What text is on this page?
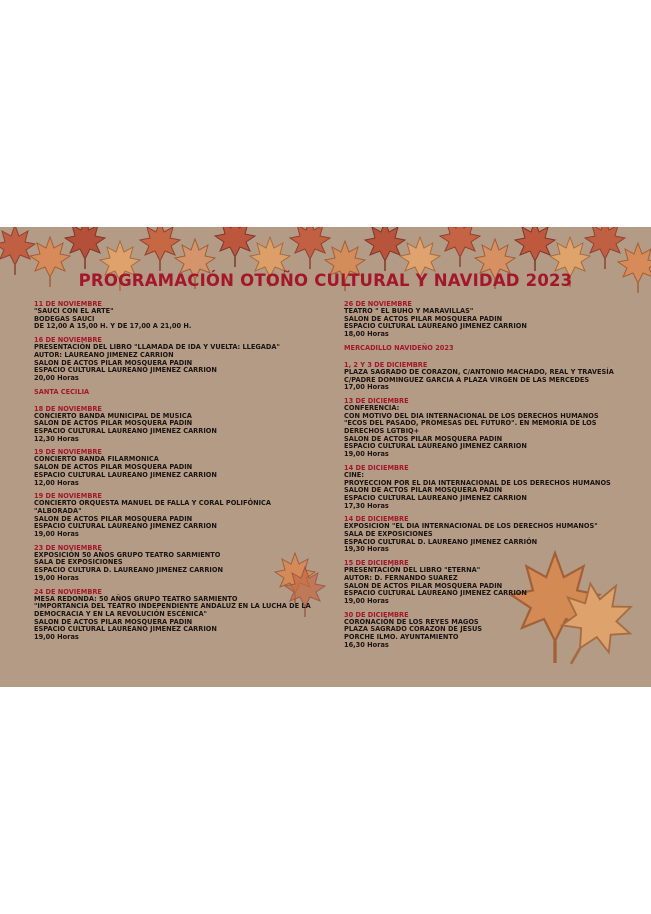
PROGRAMACIÓN OTOÑO CULTURAL Y NAVIDAD 2023
11 DE NOVIEMBRE
"SAUCI CON EL ARTE"
BODEGAS SAUCI
DE 12,00 A 15,00 H. Y DE 17,00 A 21,00 H.
16 DE NOVIEMBRE
PRESENTACIÓN DEL LIBRO "LLAMADA DE IDA Y VUELTA: LLEGADA"
AUTOR: LAUREANO JIMENEZ CARRION
SALON DE ACTOS PILAR MOSQUERA PADIN
ESPACIO CULTURAL LAUREANO JIMENEZ CARRION
20,00 Horas
SANTA CECILIA
18 DE NOVIEMBRE
CONCIERTO BANDA MUNICIPAL DE MUSICA
SALON DE ACTOS PILAR MOSQUERA PADIN
ESPACIO CULTURAL LAUREANO JIMENEZ CARRION
12,30 Horas
19 DE NOVIEMBRE
CONCIERTO BANDA FILARMONICA
SALON DE ACTOS PILAR MOSQUERA PADIN
ESPACIO CULTURAL LAUREANO JIMENEZ CARRION
12,00 Horas
19 DE NOVIEMBRE
CONCIERTO ORQUESTA MANUEL DE FALLA Y CORAL POLIFÓNICA
"ALBORADA"
SALON DE ACTOS PILAR MOSQUERA PADIN
ESPACIO CULTURAL LAUREANO JIMENEZ CARRION
19,00 Horas
23 DE NOVIEMBRE
EXPOSICIÓN 50 AÑOS GRUPO TEATRO SARMIENTO
SALA DE EXPOSICIONES
ESPACIO CULTURA D. LAUREANO JIMENEZ CARRION
19,00 Horas
24 DE NOVIEMBRE
MESA REDONDA: 50 AÑOS GRUPO TEATRO SARMIENTO
"IMPORTANCIA DEL TEATRO INDEPENDIENTE ANDALUZ EN LA LUCHA DE LA
DEMOCRACIA Y EN LA REVOLUCIÓN ESCÉNICA"
SALON DE ACTOS PILAR MOSQUERA PADIN
ESPACIO CULTURAL LAUREANO JIMENEZ CARRION
19,00 Horas
26 DE NOVIEMBRE
TEATRO " EL BUHO Y MARAVILLAS"
SALON DE ACTOS PILAR MOSQUERA PADIN
ESPACIO CULTURAL LAUREANO JIMENEZ CARRION
18,00 Horas
MERCADILLO NAVIDEÑO 2023
1, 2 Y 3 DE DICIEMBRE
PLAZA SAGRADO DE CORAZON, C/ANTONIO MACHADO, REAL Y TRAVESÍA
C/PADRE DOMINGUEZ GARCIA A PLAZA VIRGEN DE LAS MERCEDES
17,00 Horas
13 DE DICIEMBRE
CONFERENCIA:
CON MOTIVO DEL DIA INTERNACIONAL DE LOS DERECHOS HUMANOS
"ECOS DEL PASADO, PROMESAS DEL FUTURO". EN MEMORIA DE LOS
DERECHOS LGTBIQ+
SALON DE ACTOS PILAR MOSQUERA PADIN
ESPACIO CULTURAL LAUREANO JIMENEZ CARRION
19,00 Horas
14 DE DICIEMBRE
CINE:
PROYECCION POR EL DIA INTERNACIONAL DE LOS DERECHOS HUMANOS
SALON DE ACTOS PILAR MOSQUERA PADIN
ESPACIO CULTURAL LAUREANO JIMENEZ CARRION
17,30 Horas
14 DE DICIEMBRE
EXPOSICION "EL DIA INTERNACIONAL DE LOS DERECHOS HUMANOS"
SALA DE EXPOSICIONES
ESPACIO CULTURAL D. LAUREANO JIMENEZ CARRIÓN
19,30 Horas
15 DE DICIEMBRE
PRESENTACIÓN DEL LIBRO "ETERNA"
AUTOR: D. FERNANDO SUAREZ
SALON DE ACTOS PILAR MOSQUERA PADIN
ESPACIO CULTURAL LAUREANO JIMENEZ CARRION
19,00 Horas
30 DE DICIEMBRE
CORONACIÓN DE LOS REYES MAGOS
PLAZA SAGRADO CORAZON DE JESUS
PORCHE ILMO. AYUNTAMIENTO
16,30 Horas
